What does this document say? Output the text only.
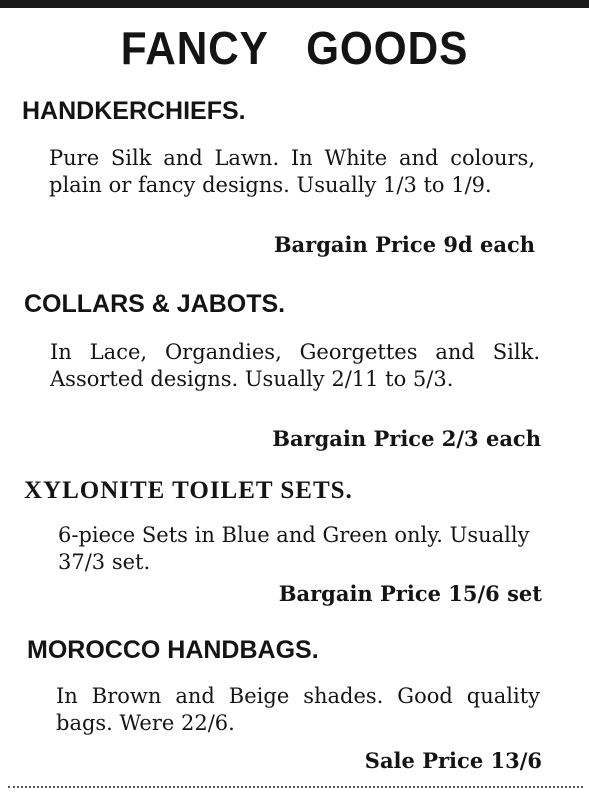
FANCY   GOODS
HANDKERCHIEFS.
Pure Silk and Lawn. In White and colours, plain or fancy designs. Usually 1/3 to 1/9.
Bargain Price 9d each
COLLARS & JABOTS.
In Lace, Organdies, Georgettes and Silk. Assorted designs. Usually 2/11 to 5/3.
Bargain Price 2/3 each
XYLONITE TOILET SETS.
6-piece Sets in Blue and Green only. Usually 37/3 set.
Bargain Price 15/6 set
MOROCCO HANDBAGS.
In Brown and Beige shades. Good quality bags. Were 22/6.
Sale Price 13/6
